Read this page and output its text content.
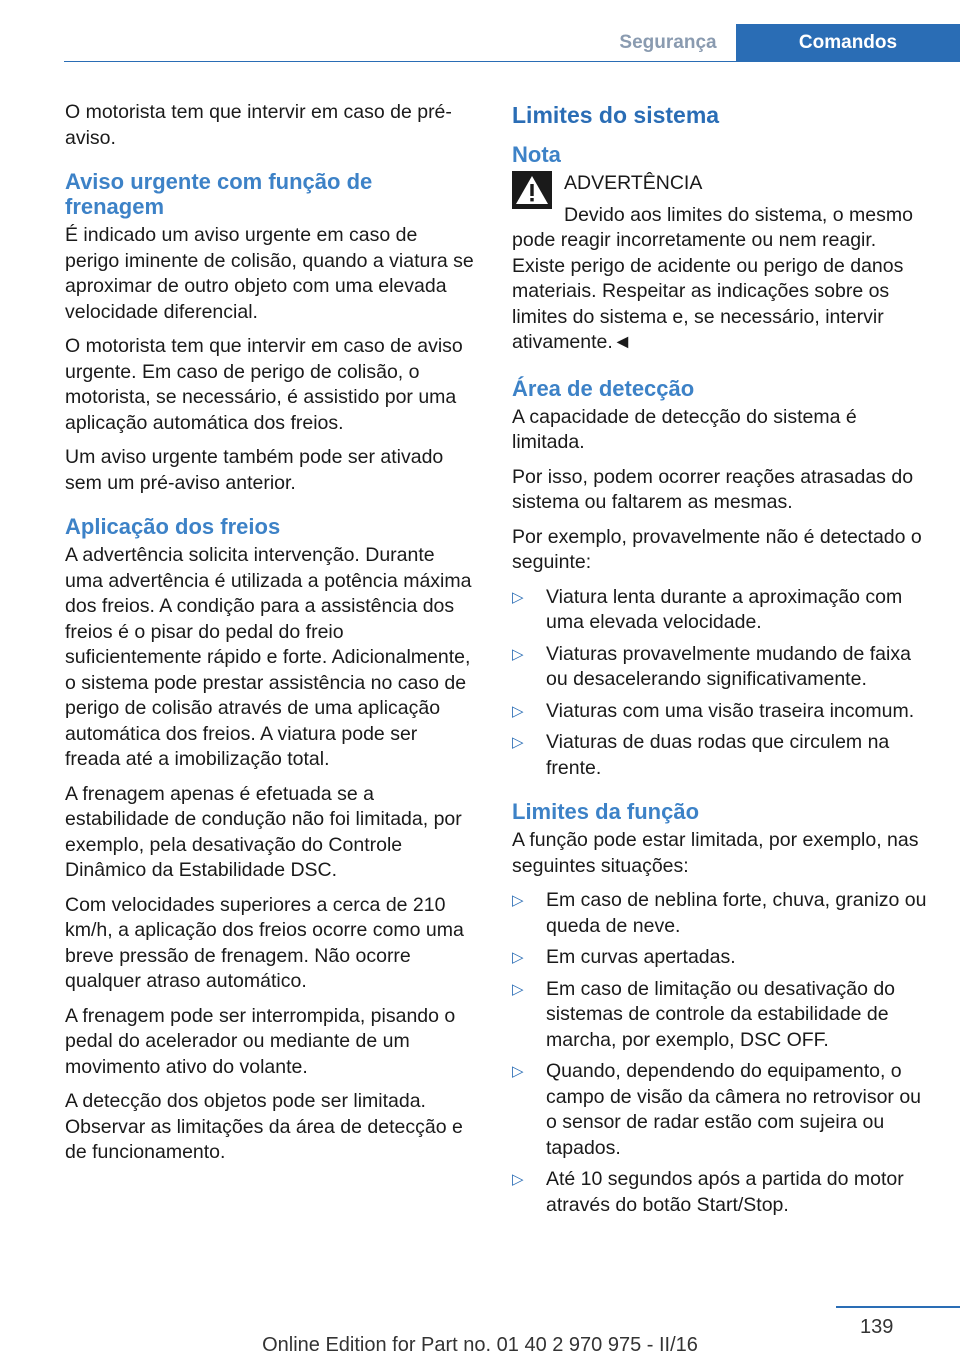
Segurança	Comandos

O motorista tem que intervir em caso de pré-aviso.

Aviso urgente com função de frenagem

É indicado um aviso urgente em caso de perigo iminente de colisão, quando a viatura se aproximar de outro objeto com uma elevada velocidade diferencial.

O motorista tem que intervir em caso de aviso urgente. Em caso de perigo de colisão, o motorista, se necessário, é assistido por uma aplicação automática dos freios.

Um aviso urgente também pode ser ativado sem um pré-aviso anterior.

Aplicação dos freios

A advertência solicita intervenção. Durante uma advertência é utilizada a potência máxima dos freios. A condição para a assistência dos freios é o pisar do pedal do freio suficientemente rápido e forte. Adicionalmente, o sistema pode prestar assistência no caso de perigo de colisão através de uma aplicação automática dos freios. A viatura pode ser freada até a imobilização total.

A frenagem apenas é efetuada se a estabilidade de condução não foi limitada, por exemplo, pela desativação do Controle Dinâmico da Estabilidade DSC.

Com velocidades superiores a cerca de 210 km/h, a aplicação dos freios ocorre como uma breve pressão de frenagem. Não ocorre qualquer atraso automático.

A frenagem pode ser interrompida, pisando o pedal do acelerador ou mediante de um movimento ativo do volante.

A detecção dos objetos pode ser limitada. Observar as limitações da área de detecção e de funcionamento.

Limites do sistema
Nota

ADVERTÊNCIA

Devido aos limites do sistema, o mesmo

pode reagir incorretamente ou nem reagir. Existe perigo de acidente ou perigo de danos materiais. Respeitar as indicações sobre os limites do sistema e, se necessário, intervir ativamente.◄

Área de detecção

A capacidade de detecção do sistema é limitada.

Por isso, podem ocorrer reações atrasadas do sistema ou faltarem as mesmas.

Por exemplo, provavelmente não é detectado o seguinte:

▷ Viatura lenta durante a aproximação com uma elevada velocidade.
▷ Viaturas provavelmente mudando de faixa ou desacelerando significativamente.
▷ Viaturas com uma visão traseira incomum.
▷ Viaturas de duas rodas que circulem na frente.
Limites da função

A função pode estar limitada, por exemplo, nas seguintes situações:

▷ Em caso de neblina forte, chuva, granizo ou queda de neve.
▷ Em curvas apertadas.
▷ Em caso de limitação ou desativação do sistemas de controle da estabilidade de marcha, por exemplo, DSC OFF.
▷ Quando, dependendo do equipamento, o campo de visão da câmera no retrovisor ou o sensor de radar estão com sujeira ou tapados.
▷ Até 10 segundos após a partida do motor através do botão Start/Stop.
139
Online Edition for Part no. 01 40 2 970 975 - II/16
